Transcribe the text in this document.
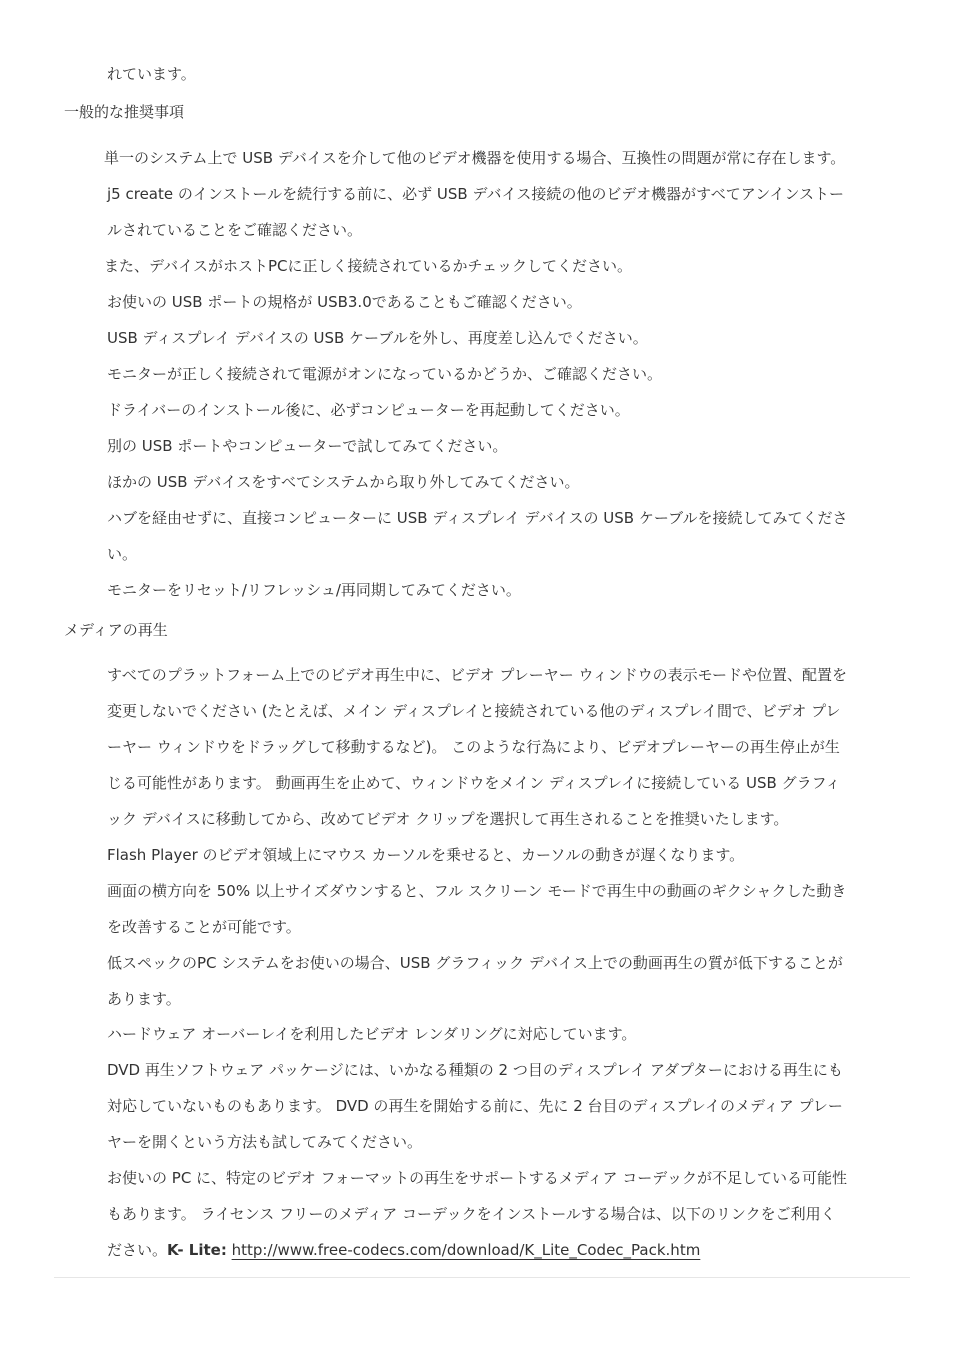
れています。
一般的な推奨事項
単一のシステム上で USB デバイスを介して他のビデオ機器を使用する場合、互換性の問題が常に存在します。
j5 create のインストールを続行する前に、必ず USB デバイス接続の他のビデオ機器がすべてアンインストー
ルされていることをご確認ください。
また、デバイスがホストPCに正しく接続されているかチェックしてください。
お使いの USB ポートの規格が USB3.0であることもご確認ください。
USB ディスプレイ デバイスの USB ケーブルを外し、再度差し込んでください。
モニターが正しく接続されて電源がオンになっているかどうか、ご確認ください。
ドライバーのインストール後に、必ずコンピューターを再起動してください。
別の USB ポートやコンピューターで試してみてください。
ほかの USB デバイスをすべてシステムから取り外してみてください。
ハブを経由せずに、直接コンピューターに USB ディスプレイ デバイスの USB ケーブルを接続してみてくださ
い。
モニターをリセット/リフレッシュ/再同期してみてください。
メディアの再生
すべてのプラットフォーム上でのビデオ再生中に、ビデオ プレーヤー ウィンドウの表示モードや位置、配置を
変更しないでください (たとえば、メイン ディスプレイと接続されている他のディスプレイ間で、ビデオ プレ
ーヤー ウィンドウをドラッグして移動するなど)。 このような行為により、ビデオプレーヤーの再生停止が生
じる可能性があります。 動画再生を止めて、ウィンドウをメイン ディスプレイに接続している USB グラフィ
ック デバイスに移動してから、改めてビデオ クリップを選択して再生されることを推奨いたします。
Flash Player のビデオ領域上にマウス カーソルを乗せると、カーソルの動きが遅くなります。
画面の横方向を 50% 以上サイズダウンすると、フル スクリーン モードで再生中の動画のギクシャクした動き
を改善することが可能です。
低スペックのPC システムをお使いの場合、USB グラフィック デバイス上での動画再生の質が低下することが
あります。
ハードウェア オーバーレイを利用したビデオ レンダリングに対応しています。
DVD 再生ソフトウェア パッケージには、いかなる種類の 2 つ目のディスプレイ アダプターにおける再生にも
対応していないものもあります。 DVD の再生を開始する前に、先に 2 台目のディスプレイのメディア プレー
ヤーを開くという方法も試してみてください。
お使いの PC に、特定のビデオ フォーマットの再生をサポートするメディア コーデックが不足している可能性
もあります。 ライセンス フリーのメディア コーデックをインストールする場合は、以下のリンクをご利用く
ださい。K- Lite: http://www.free-codecs.com/download/K_Lite_Codec_Pack.htm
